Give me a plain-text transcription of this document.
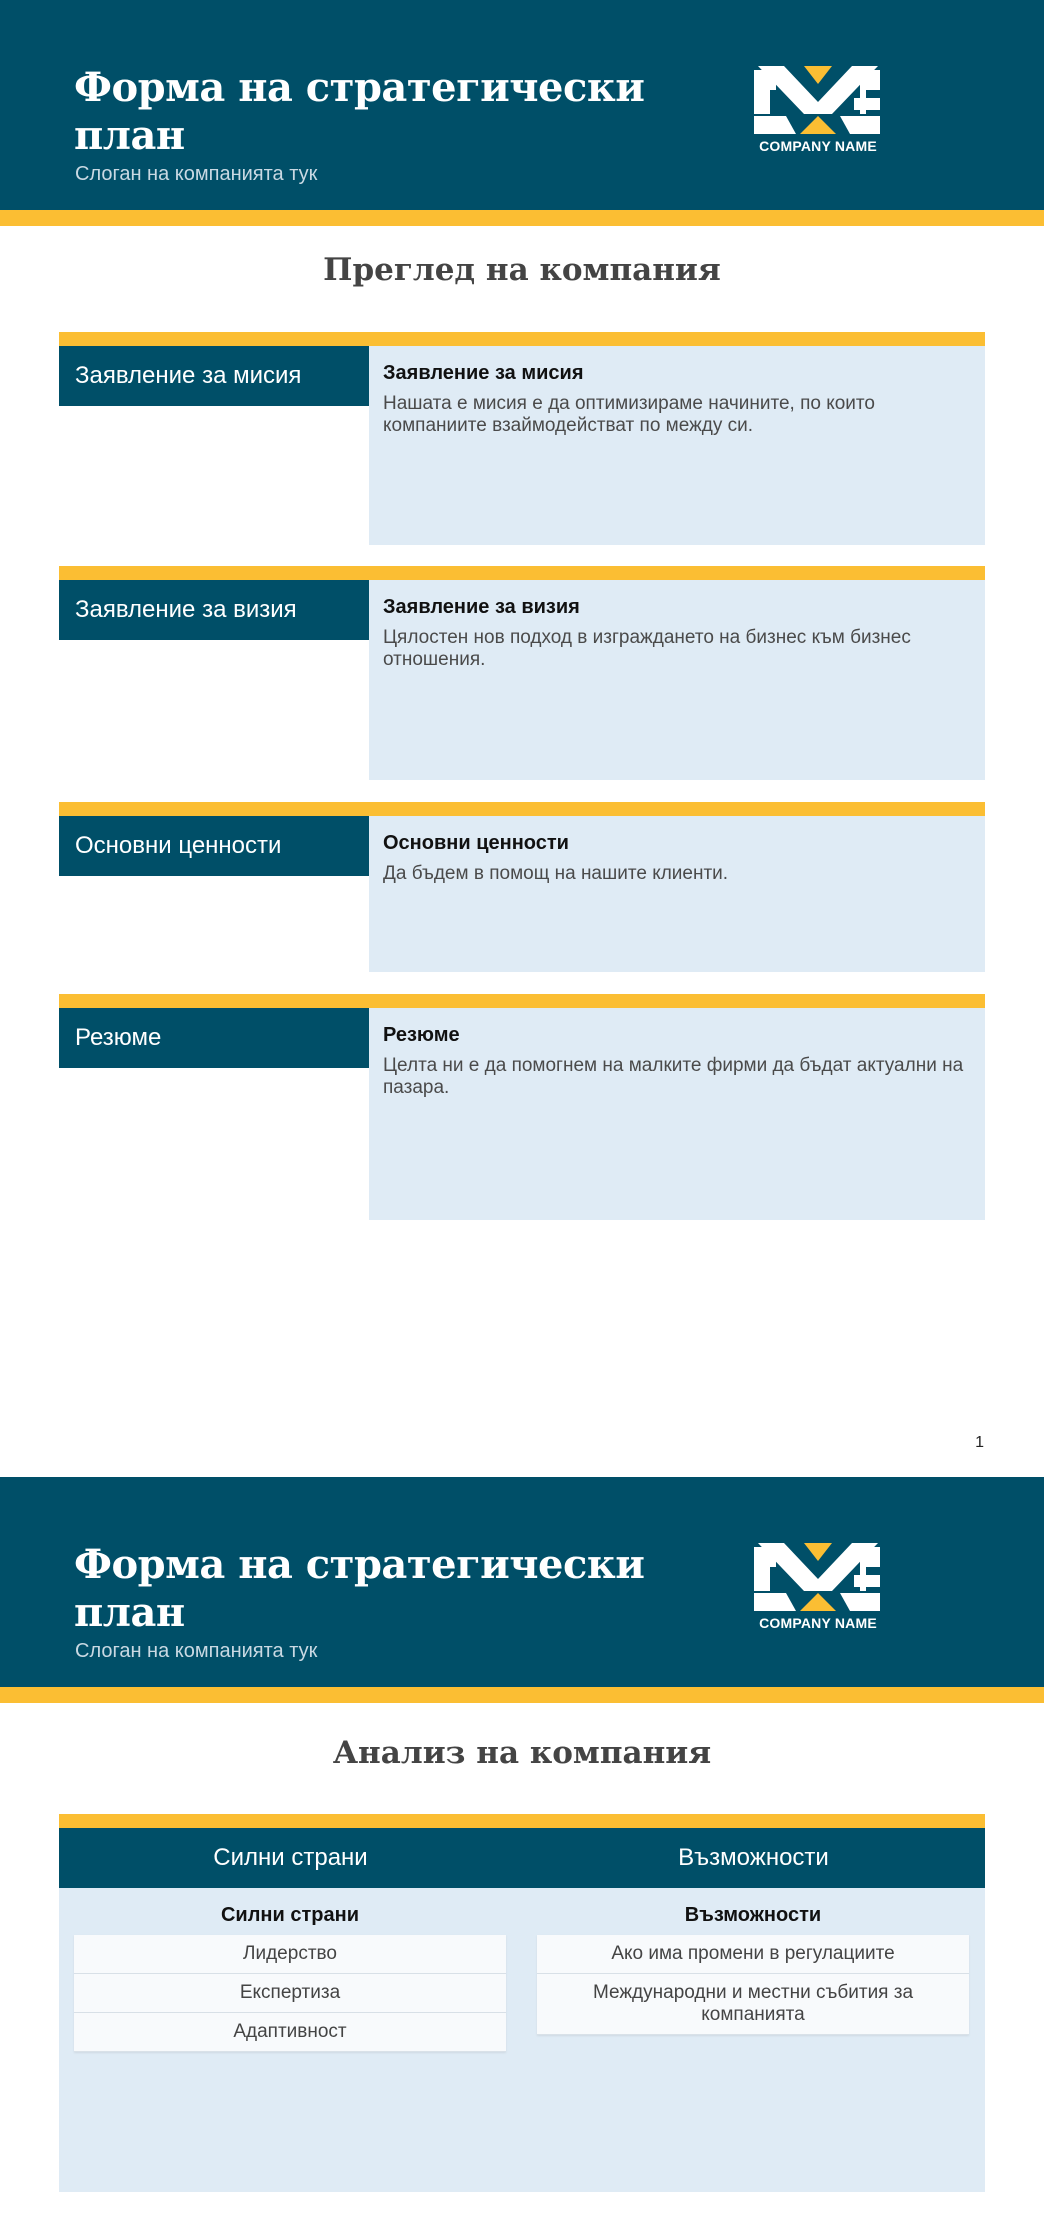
Форма на стратегически план
Слоган на компанията тук
COMPANY NAME
Преглед на компания
Заявление за мисия	Заявление за мисия
Нашата е мисия е да оптимизираме начините, по които компаниите взаймодействат по между си.
Заявление за визия	Заявление за визия
Цялостен нов подход в изграждането на бизнес към бизнес отношения.
Основни ценности	Основни ценности
Да бъдем в помощ на нашите клиенти.
Резюме	Резюме
Целта ни е да помогнем на малките фирми да бъдат актуални на пазара.
1
Форма на стратегически план
Слоган на компанията тук
COMPANY NAME
Анализ на компания
Силни страни	Възможности
Силни страни
Лидерство
Експертиза
Адаптивност
Възможности
Ако има промени в регулациите
Международни и местни събития за компанията
